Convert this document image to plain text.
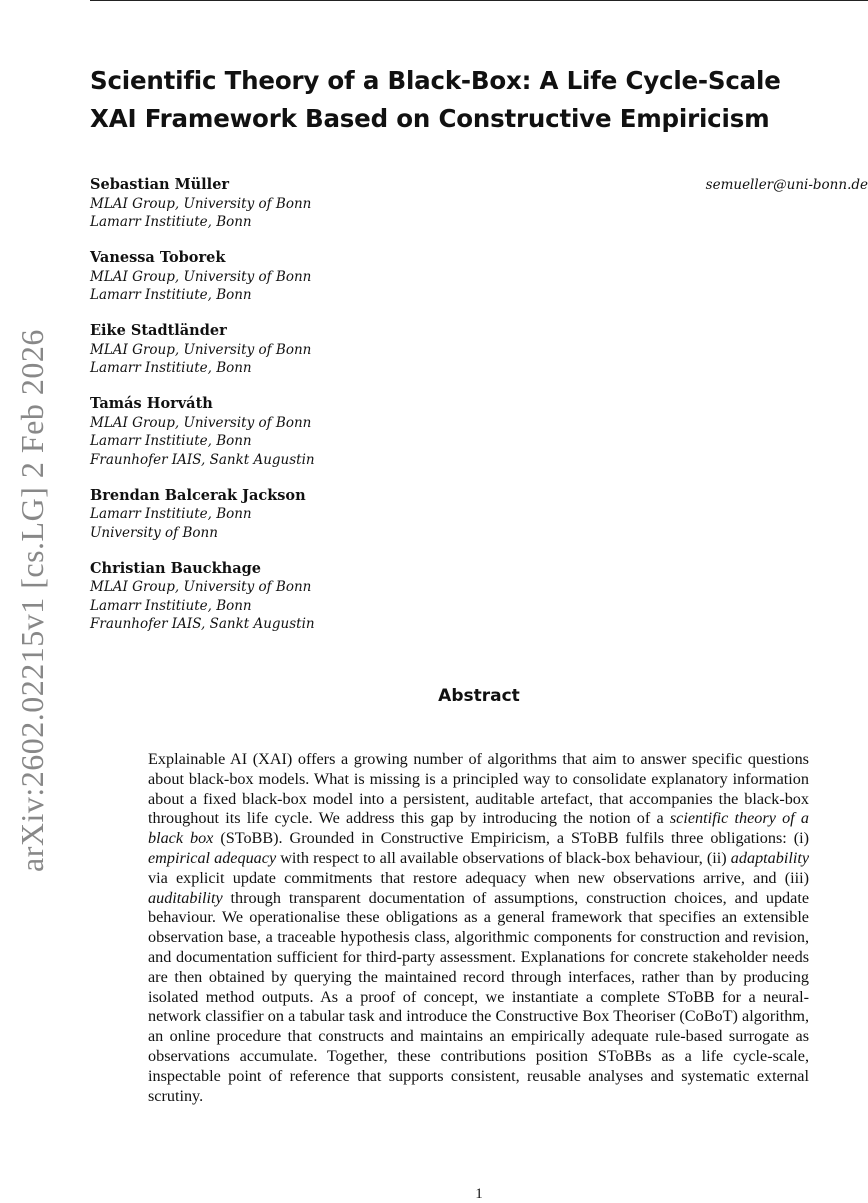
arXiv:2602.02215v1 [cs.LG] 2 Feb 2026
Scientific Theory of a Black-Box: A Life Cycle-Scale
XAI Framework Based on Constructive Empiricism
semueller@uni-bonn.de
Sebastian Müller
MLAI Group, University of Bonn
Lamarr Institiute, Bonn
Vanessa Toborek
MLAI Group, University of Bonn
Lamarr Institiute, Bonn
Eike Stadtländer
MLAI Group, University of Bonn
Lamarr Institiute, Bonn
Tamás Horváth
MLAI Group, University of Bonn
Lamarr Institiute, Bonn
Fraunhofer IAIS, Sankt Augustin
Brendan Balcerak Jackson
Lamarr Institiute, Bonn
University of Bonn
Christian Bauckhage
MLAI Group, University of Bonn
Lamarr Institiute, Bonn
Fraunhofer IAIS, Sankt Augustin
Abstract

Explainable AI (XAI) offers a growing number of algorithms that aim to answer specific questions about black-box models. What is missing is a principled way to consolidate explanatory information about a fixed black-box model into a persistent, auditable artefact, that accompanies the black-box throughout its life cycle. We address this gap by introducing the notion of a scientific theory of a black box (SToBB). Grounded in Constructive Empiricism, a SToBB fulfils three obligations: (i) empirical adequacy with respect to all available observations of black-box behaviour, (ii) adaptability via explicit update commitments that restore adequacy when new observations arrive, and (iii) auditability through transparent documentation of assumptions, construction choices, and update behaviour. We operationalise these obligations as a general framework that specifies an extensible observation base, a traceable hypothesis class, algorithmic components for construction and revision, and documentation sufficient for third-party assessment. Explanations for concrete stakeholder needs are then obtained by querying the maintained record through interfaces, rather than by producing isolated method outputs. As a proof of concept, we instantiate a complete SToBB for a neural-network classifier on a tabular task and introduce the Constructive Box Theoriser (CoBoT) algorithm, an online procedure that constructs and maintains an empirically adequate rule-based surrogate as observations accumulate. Together, these contributions position SToBBs as a life cycle-scale, inspectable point of reference that supports consistent, reusable analyses and systematic external scrutiny.

1
